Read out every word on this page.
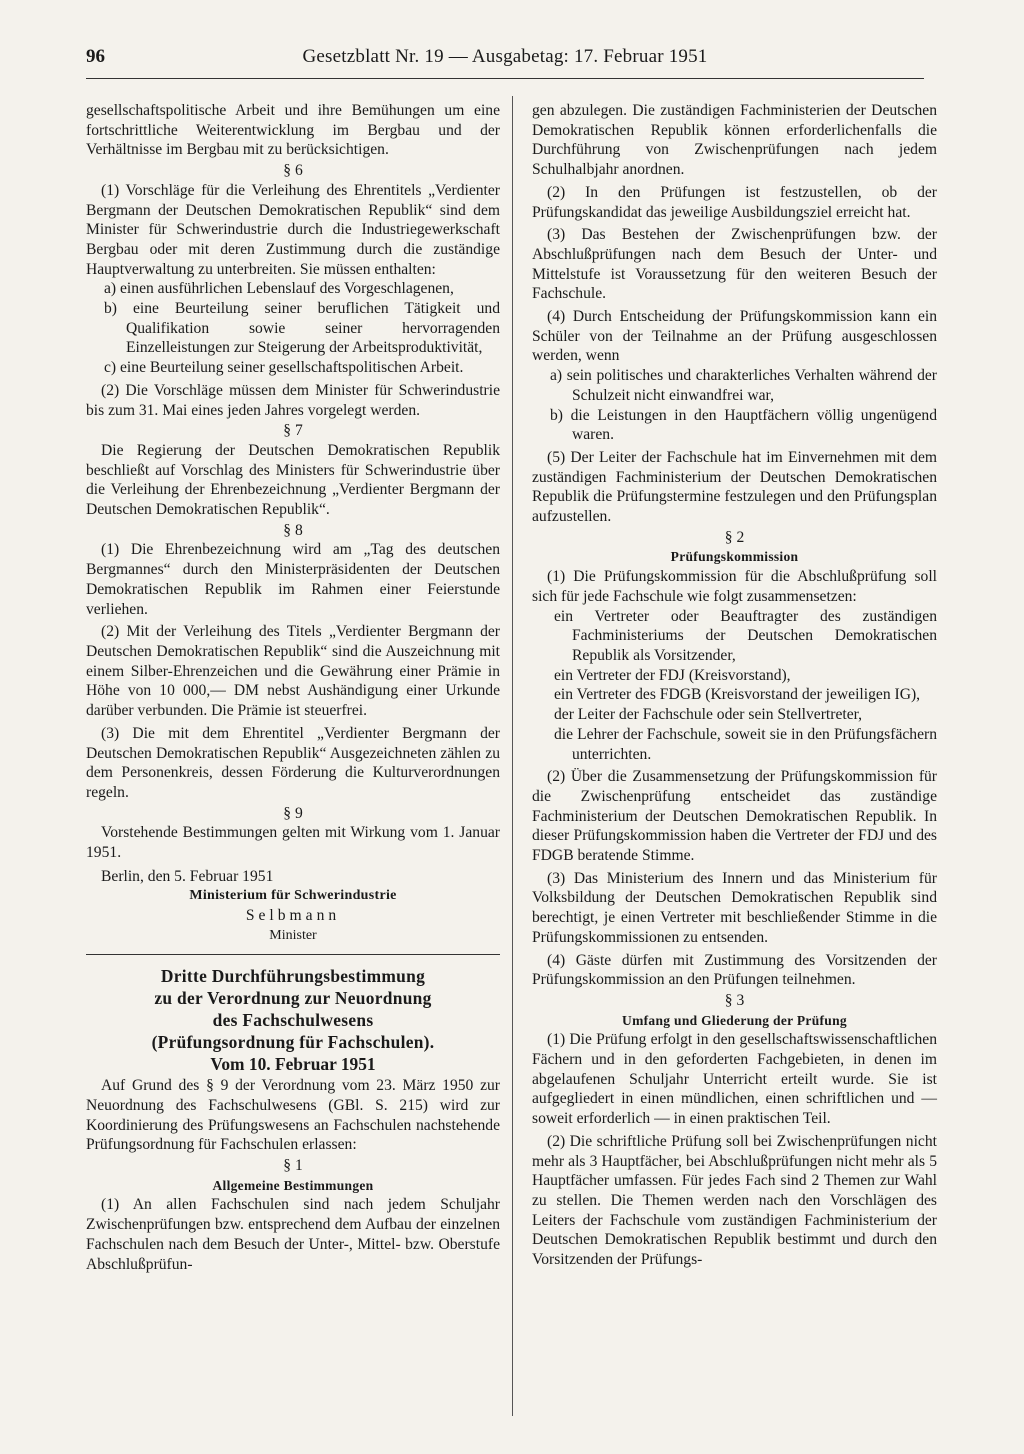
96	Gesetzblatt Nr. 19 — Ausgabetag: 17. Februar 1951

gesellschaftspolitische Arbeit und ihre Bemühungen um eine fortschrittliche Weiterentwicklung im Bergbau und der Verhältnisse im Bergbau mit zu berücksichtigen.

§ 6

(1) Vorschläge für die Verleihung des Ehrentitels „Verdienter Bergmann der Deutschen Demokratischen Republik“ sind dem Minister für Schwerindustrie durch die Industriegewerkschaft Bergbau oder mit deren Zustimmung durch die zuständige Hauptverwaltung zu unterbreiten. Sie müssen enthalten:

a) einen ausführlichen Lebenslauf des Vorgeschlagenen,

b) eine Beurteilung seiner beruflichen Tätigkeit und Qualifikation sowie seiner hervorragenden Einzelleistungen zur Steigerung der Arbeitsproduktivität,

c) eine Beurteilung seiner gesellschaftspolitischen Arbeit.

(2) Die Vorschläge müssen dem Minister für Schwerindustrie bis zum 31. Mai eines jeden Jahres vorgelegt werden.

§ 7

Die Regierung der Deutschen Demokratischen Republik beschließt auf Vorschlag des Ministers für Schwerindustrie über die Verleihung der Ehrenbezeichnung „Verdienter Bergmann der Deutschen Demokratischen Republik“.

§ 8

(1) Die Ehrenbezeichnung wird am „Tag des deutschen Bergmannes“ durch den Ministerpräsidenten der Deutschen Demokratischen Republik im Rahmen einer Feierstunde verliehen.

(2) Mit der Verleihung des Titels „Verdienter Bergmann der Deutschen Demokratischen Republik“ sind die Auszeichnung mit einem Silber-Ehrenzeichen und die Gewährung einer Prämie in Höhe von 10 000,— DM nebst Aushändigung einer Urkunde darüber verbunden. Die Prämie ist steuerfrei.

(3) Die mit dem Ehrentitel „Verdienter Bergmann der Deutschen Demokratischen Republik“ Ausgezeichneten zählen zu dem Personenkreis, dessen Förderung die Kulturverordnungen regeln.

§ 9

Vorstehende Bestimmungen gelten mit Wirkung vom 1. Januar 1951.

Berlin, den 5. Februar 1951

Ministerium für Schwerindustrie
Selbmann
Minister
Dritte Durchführungsbestimmung
zu der Verordnung zur Neuordnung
des Fachschulwesens
(Prüfungsordnung für Fachschulen).
Vom 10. Februar 1951

Auf Grund des § 9 der Verordnung vom 23. März 1950 zur Neuordnung des Fachschulwesens (GBl. S. 215) wird zur Koordinierung des Prüfungswesens an Fachschulen nachstehende Prüfungsordnung für Fachschulen erlassen:

§ 1
Allgemeine Bestimmungen

(1) An allen Fachschulen sind nach jedem Schuljahr Zwischenprüfungen bzw. entsprechend dem Aufbau der einzelnen Fachschulen nach dem Besuch der Unter-, Mittel- bzw. Oberstufe Abschlußprüfun-

gen abzulegen. Die zuständigen Fachministerien der Deutschen Demokratischen Republik können erforderlichenfalls die Durchführung von Zwischenprüfungen nach jedem Schulhalbjahr anordnen.

(2) In den Prüfungen ist festzustellen, ob der Prüfungskandidat das jeweilige Ausbildungsziel erreicht hat.

(3) Das Bestehen der Zwischenprüfungen bzw. der Abschlußprüfungen nach dem Besuch der Unter- und Mittelstufe ist Voraussetzung für den weiteren Besuch der Fachschule.

(4) Durch Entscheidung der Prüfungskommission kann ein Schüler von der Teilnahme an der Prüfung ausgeschlossen werden, wenn

a) sein politisches und charakterliches Verhalten während der Schulzeit nicht einwandfrei war,

b) die Leistungen in den Hauptfächern völlig ungenügend waren.

(5) Der Leiter der Fachschule hat im Einvernehmen mit dem zuständigen Fachministerium der Deutschen Demokratischen Republik die Prüfungstermine festzulegen und den Prüfungsplan aufzustellen.

§ 2
Prüfungskommission

(1) Die Prüfungskommission für die Abschlußprüfung soll sich für jede Fachschule wie folgt zusammensetzen:

ein Vertreter oder Beauftragter des zuständigen Fachministeriums der Deutschen Demokratischen Republik als Vorsitzender,

ein Vertreter der FDJ (Kreisvorstand),

ein Vertreter des FDGB (Kreisvorstand der jeweiligen IG),

der Leiter der Fachschule oder sein Stellvertreter,

die Lehrer der Fachschule, soweit sie in den Prüfungsfächern unterrichten.

(2) Über die Zusammensetzung der Prüfungskommission für die Zwischenprüfung entscheidet das zuständige Fachministerium der Deutschen Demokratischen Republik. In dieser Prüfungskommission haben die Vertreter der FDJ und des FDGB beratende Stimme.

(3) Das Ministerium des Innern und das Ministerium für Volksbildung der Deutschen Demokratischen Republik sind berechtigt, je einen Vertreter mit beschließender Stimme in die Prüfungskommissionen zu entsenden.

(4) Gäste dürfen mit Zustimmung des Vorsitzenden der Prüfungskommission an den Prüfungen teilnehmen.

§ 3
Umfang und Gliederung der Prüfung

(1) Die Prüfung erfolgt in den gesellschaftswissenschaftlichen Fächern und in den geforderten Fachgebieten, in denen im abgelaufenen Schuljahr Unterricht erteilt wurde. Sie ist aufgegliedert in einen mündlichen, einen schriftlichen und — soweit erforderlich — in einen praktischen Teil.

(2) Die schriftliche Prüfung soll bei Zwischenprüfungen nicht mehr als 3 Hauptfächer, bei Abschlußprüfungen nicht mehr als 5 Hauptfächer umfassen. Für jedes Fach sind 2 Themen zur Wahl zu stellen. Die Themen werden nach den Vorschlägen des Leiters der Fachschule vom zuständigen Fachministerium der Deutschen Demokratischen Republik bestimmt und durch den Vorsitzenden der Prüfungs-
